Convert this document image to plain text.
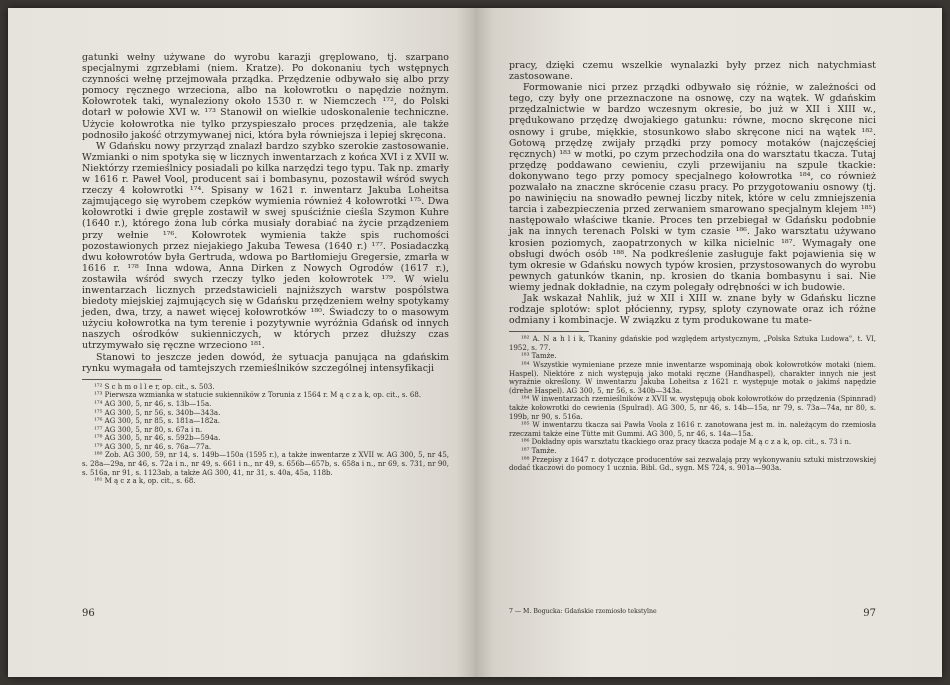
gatunki wełny używane do wyrobu karazji gręplowano, tj. szarpano specjalnymi zgrzebłami (niem. Kratze). Po dokonaniu tych wstępnych czynności wełnę przejmowała prządka. Przędzenie odbywało się albo przy pomocy ręcznego wrzeciona, albo na kołowrotku o napędzie nożnym. Kołowrotek taki, wynaleziony około 1530 r. w Niemczech ¹⁷², do Polski dotarł w połowie XVI w. ¹⁷³ Stanowił on wielkie udoskonalenie techniczne. Użycie kołowrotka nie tylko przyspieszało proces przędzenia, ale także podnosiło jakość otrzymywanej nici, która była równiejsza i lepiej skręcona.

W Gdańsku nowy przyrząd znalazł bardzo szybko szerokie zastosowanie. Wzmianki o nim spotyka się w licznych inwentarzach z końca XVI i z XVII w. Niektórzy rzemieślnicy posiadali po kilka narzędzi tego typu. Tak np. zmarły w 1616 r. Paweł Vool, producent sai i bombasynu, pozostawił wśród swych rzeczy 4 kołowrotki ¹⁷⁴. Spisany w 1621 r. inwentarz Jakuba Loheitsa zajmującego się wyrobem czepków wymienia również 4 kołowrotki ¹⁷⁵. Dwa kołowrotki i dwie gręple zostawił w swej spuściźnie cieśla Szymon Kuhre (1640 r.), którego żona lub córka musiały dorabiać na życie prządzeniem przy wełnie ¹⁷⁶. Kołowrotek wymienia także spis ruchomości pozostawionych przez niejakiego Jakuba Tewesa (1640 r.) ¹⁷⁷. Posiadaczką dwu kołowrotów była Gertruda, wdowa po Bartłomieju Gregersie, zmarła w 1616 r. ¹⁷⁸ Inna wdowa, Anna Dirken z Nowych Ogrodów (1617 r.), zostawiła wśród swych rzeczy tylko jeden kołowrotek ¹⁷⁹. W wielu inwentarzach licznych przedstawicieli najniższych warstw pospólstwa biedoty miejskiej zajmujących się w Gdańsku przędzeniem wełny spotykamy jeden, dwa, trzy, a nawet więcej kołowrotków ¹⁸⁰. Świadczy to o masowym użyciu kołowrotka na tym terenie i pozytywnie wyróżnia Gdańsk od innych naszych ośrodków sukienniczych, w których przez dłuższy czas utrzymywało się ręczne wrzeciono ¹⁸¹.

Stanowi to jeszcze jeden dowód, że sytuacja panująca na gdańskim rynku wymagała od tamtejszych rzemieślników szczególnej intensyfikacji

¹⁷² S c h m o l l e r, op. cit., s. 503.

¹⁷³ Pierwsza wzmianka w statucie sukienników z Torunia z 1564 r. M ą c z a k, op. cit., s. 68.

¹⁷⁴ AG 300, 5, nr 46, s. 13b—15a.

¹⁷⁵ AG 300, 5, nr 56, s. 340b—343a.

¹⁷⁶ AG 300, 5, nr 85, s. 181a—182a.

¹⁷⁷ AG 300, 5, nr 80, s. 67a i n.

¹⁷⁸ AG 300, 5, nr 46, s. 592b—594a.

¹⁷⁹ AG 300, 5, nr 46, s. 76a—77a.

¹⁸⁰ Zob. AG 300, 59, nr 14, s. 149b—150a (1595 r.), a także inwentarze z XVII w. AG 300, 5, nr 45, s. 28a—29a, nr 46, s. 72a i n., nr 49, s. 661 i n., nr 49, s. 656b—657b, s. 658a i n., nr 69, s. 731, nr 90, s. 516a, nr 91, s. 1123ab, a także AG 300, 41, nr 31, s. 40a, 45a, 118b.

¹⁸¹ M ą c z a k, op. cit., s. 68.

96

pracy, dzięki czemu wszelkie wynalazki były przez nich natychmiast zastosowane.

Formowanie nici przez prządki odbywało się różnie, w zależności od tego, czy były one przeznaczone na osnowę, czy na wątek. W gdańskim przędzalnictwie w bardzo wczesnym okresie, bo już w XII i XIII w., prędukowano przędzę dwojakiego gatunku: równe, mocno skręcone nici osnowy i grube, miękkie, stosunkowo słabo skręcone nici na wątek ¹⁸². Gotową przędzę zwijały prządki przy pomocy motaków (najczęściej ręcznych) ¹⁸³ w motki, po czym przechodziła ona do warsztatu tkacza. Tutaj przędzę poddawano cewieniu, czyli przewijaniu na szpule tkackie: dokonywano tego przy pomocy specjalnego kołowrotka ¹⁸⁴, co również pozwalało na znaczne skrócenie czasu pracy. Po przygotowaniu osnowy (tj. po nawinięciu na snowadło pewnej liczby nitek, które w celu zmniejszenia tarcia i zabezpieczenia przed zerwaniem smarowano specjalnym klejem ¹⁸⁵) następowało właściwe tkanie. Proces ten przebiegał w Gdańsku podobnie jak na innych terenach Polski w tym czasie ¹⁸⁶. Jako warsztatu używano krosien poziomych, zaopatrzonych w kilka nicielnic ¹⁸⁷. Wymagały one obsługi dwóch osób ¹⁸⁸. Na podkreślenie zasługuje fakt pojawienia się w tym okresie w Gdańsku nowych typów krosien, przystosowanych do wyrobu pewnych gatunków tkanin, np. krosien do tkania bombasynu i sai. Nie wiemy jednak dokładnie, na czym polegały odrębności w ich budowie.

Jak wskazał Nahlik, już w XII i XIII w. znane były w Gdańsku liczne rodzaje splotów: splot płócienny, rypsy, sploty czynowate oraz ich różne odmiany i kombinacje. W związku z tym produkowane tu mate-

¹⁸² A. N a h l i k, Tkaniny gdańskie pod względem artystycznym, „Polska Sztuka Ludowa", t. VI, 1952, s. 77.

¹⁸³ Tamże.

¹⁸⁴ Wszystkie wymieniane przeze mnie inwentarze wspominają obok kołowrotków motaki (niem. Haspel). Niektóre z nich występują jako motaki ręczne (Handhaspel), charakter innych nie jest wyraźnie określony. W inwentarzu Jakuba Loheitsa z 1621 r. występuje motak o jakimś napędzie (drehe Haspel). AG 300, 5, nr 56, s. 340b—343a.

¹⁸⁴ W inwentarzach rzemieślników z XVII w. występują obok kołowrotków do przędzenia (Spinnrad) także kołowrotki do cewienia (Spulrad). AG 300, 5, nr 46, s. 14b—15a, nr 79, s. 73a—74a, nr 80, s. 199b, nr 90, s. 516a.

¹⁸⁵ W inwentarzu tkacza sai Pawła Voola z 1616 r. zanotowana jest m. in. należącym do rzemiosła rzeczami także eine Tütte mit Gummi. AG 300, 5, nr 46, s. 14a—15a.

¹⁸⁶ Dokładny opis warsztatu tkackiego oraz pracy tkacza podaje M ą c z a k, op. cit., s. 73 i n.

¹⁸⁷ Tamże.

¹⁸⁸ Przepisy z 1647 r. dotyczące producentów sai zezwalają przy wykonywaniu sztuki mistrzowskiej dodać tkaczowi do pomocy 1 ucznia. Bibl. Gd., sygn. MS 724, s. 901a—903a.

7 — M. Bogucka: Gdańskie rzemiosło tekstylne	97
